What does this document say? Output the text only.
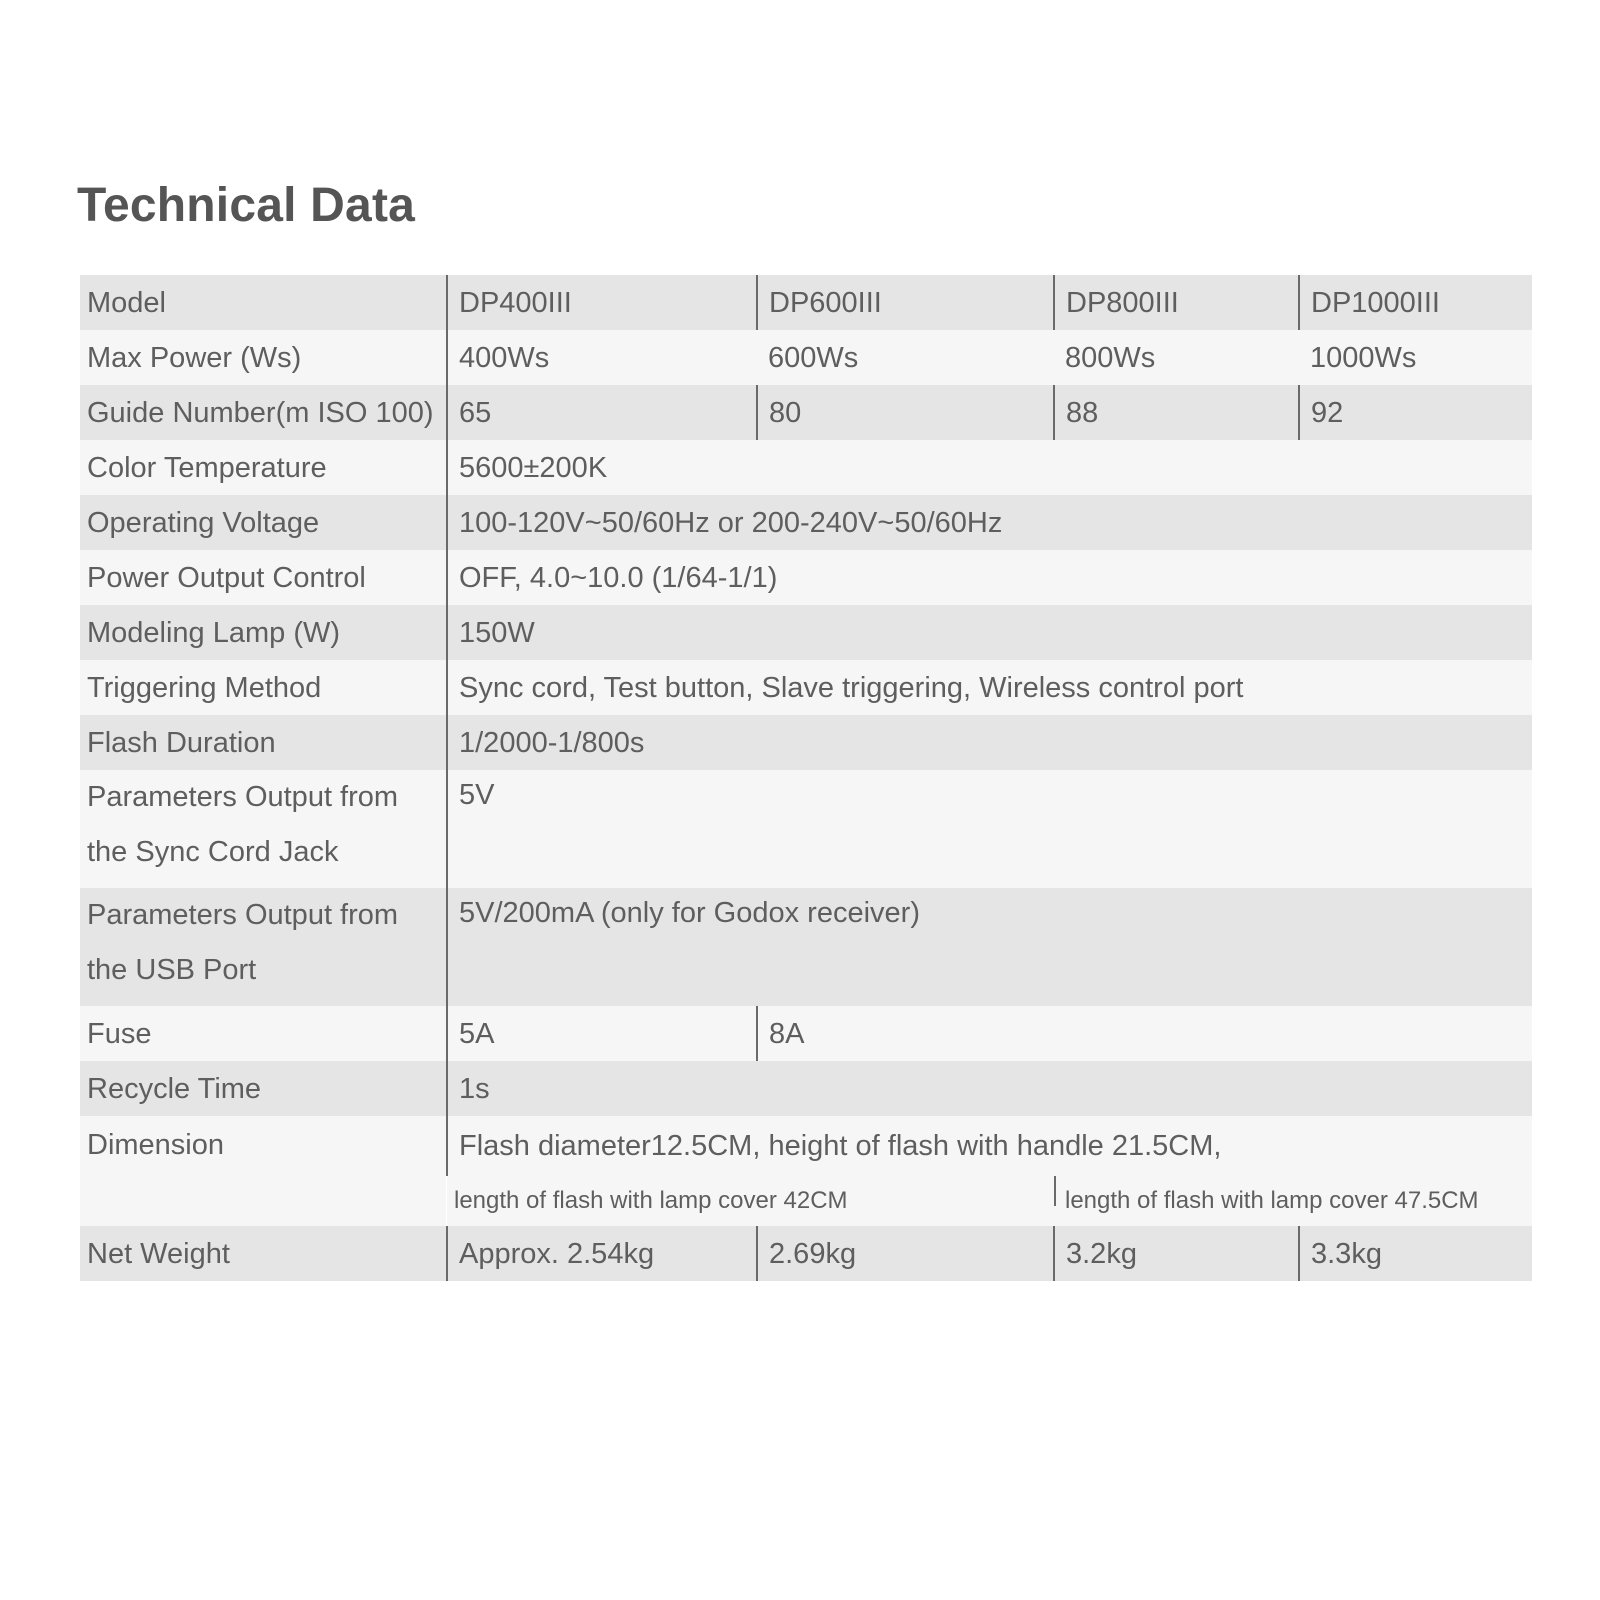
Technical Data
Model	DP400III	DP600III	DP800III	DP1000III
Max Power (Ws)	400Ws	600Ws	800Ws	1000Ws
Guide Number(m ISO 100)	65	80	88	92
Color Temperature	5600±200K			
Operating Voltage	100-120V~50/60Hz or 200-240V~50/60Hz			
Power Output Control	OFF, 4.0~10.0 (1/64-1/1)			
Modeling Lamp (W)	150W			
Triggering Method	Sync cord, Test button, Slave triggering, Wireless control port			
Flash Duration	1/2000-1/800s			
Parameters Output from the Sync Cord Jack	5V			
Parameters Output from the USB Port	5V/200mA (only for Godox receiver)			
Fuse	5A	8A		
Recycle Time	1s			
Dimension	Flash diameter12.5CM, height of flash with handle 21.5CM,			
	length of flash with lamp cover 42CM		length of flash with lamp cover 47.5CM	
Net Weight	Approx. 2.54kg	2.69kg	3.2kg	3.3kg
